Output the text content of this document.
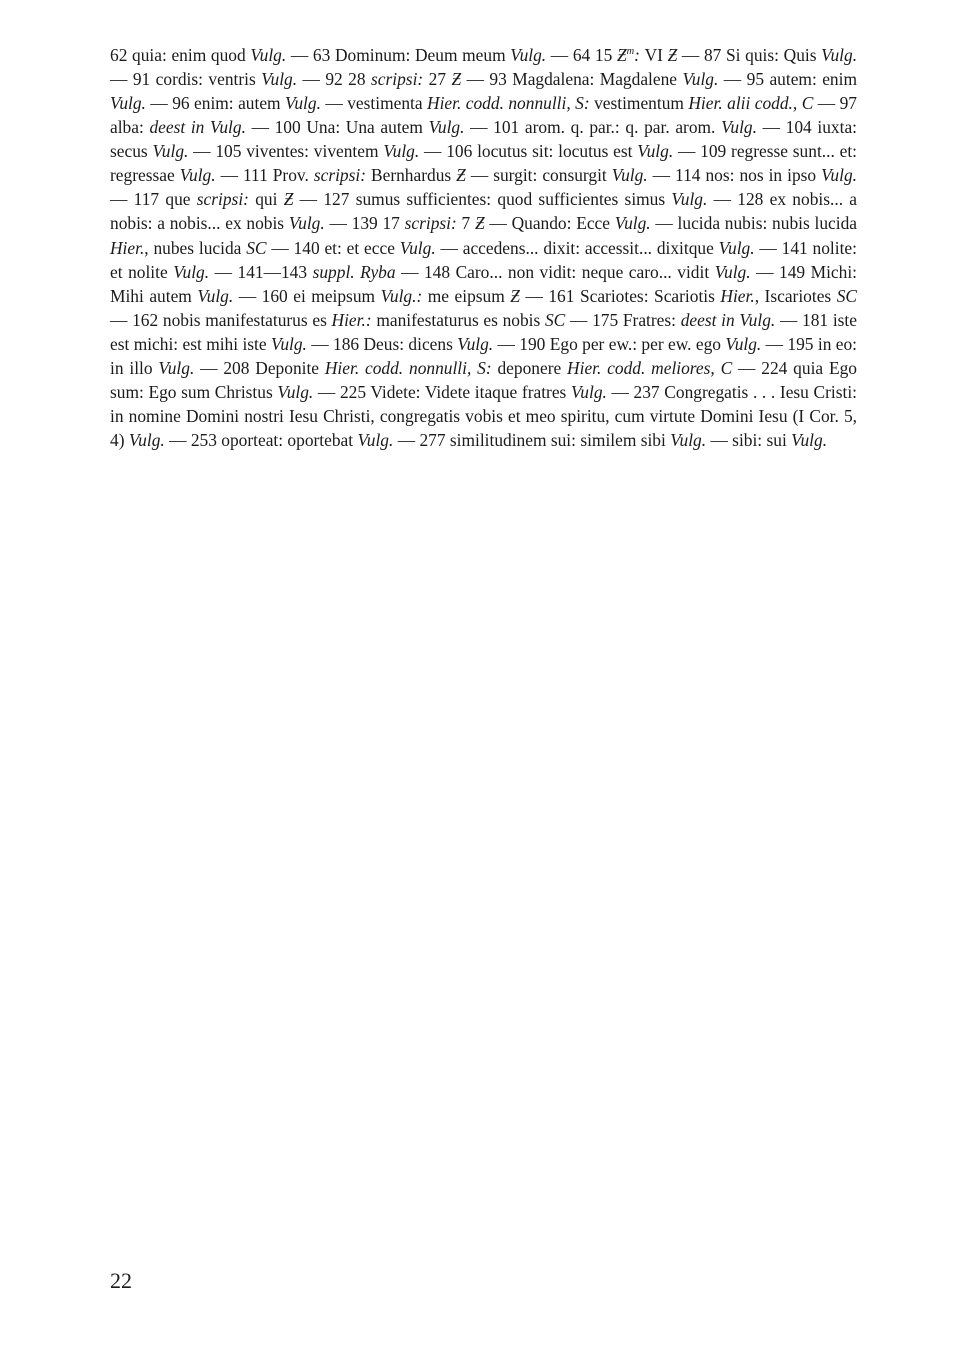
62 quia: enim quod Vulg. — 63 Dominum: Deum meum Vulg. — 64 15 $Ƶ^m$: VI Ƶ — 87 Si quis: Quis Vulg. — 91 cordis: ventris Vulg. — 92 28 scripsi: 27 Ƶ — 93 Magdalena: Magdalene Vulg. — 95 autem: enim Vulg. — 96 enim: autem Vulg. — vestimenta Hier. codd. nonnulli, S: vestimentum Hier. alii codd., C — 97 alba: deest in Vulg. — 100 Una: Una autem Vulg. — 101 arom. q. par.: q. par. arom. Vulg. — 104 iuxta: secus Vulg. — 105 viventes: viventem Vulg. — 106 locutus sit: locutus est Vulg. — 109 regresse sunt... et: regressae Vulg. — 111 Prov. scripsi: Bernhardus Ƶ — surgit: consurgit Vulg. — 114 nos: nos in ipso Vulg. — 117 que scripsi: qui Ƶ — 127 sumus sufficientes: quod sufficientes simus Vulg. — 128 ex nobis... a nobis: a nobis... ex nobis Vulg. — 139 17 scripsi: 7 Ƶ — Quando: Ecce Vulg. — lucida nubis: nubis lucida Hier., nubes lucida SC — 140 et: et ecce Vulg. — accedens... dixit: accessit... dixitque Vulg. — 141 nolite: et nolite Vulg. — 141—143 suppl. Ryba — 148 Caro... non vidit: neque caro... vidit Vulg. — 149 Michi: Mihi autem Vulg. — 160 ei meipsum Vulg.: me eipsum Ƶ — 161 Scariotes: Scariotis Hier., Iscariotes SC — 162 nobis manifestaturus es Hier.: manifestaturus es nobis SC — 175 Fratres: deest in Vulg. — 181 iste est michi: est mihi iste Vulg. — 186 Deus: dicens Vulg. — 190 Ego per ew.: per ew. ego Vulg. — 195 in eo: in illo Vulg. — 208 Deponite Hier. codd. nonnulli, S: deponere Hier. codd. meliores, C — 224 quia Ego sum: Ego sum Christus Vulg. — 225 Videte: Videte itaque fratres Vulg. — 237 Congregatis . . . Iesu Cristi: in nomine Domini nostri Iesu Christi, congregatis vobis et meo spiritu, cum virtute Domini Iesu (I Cor. 5, 4) Vulg. — 253 oporteat: oportebat Vulg. — 277 similitudinem sui: similem sibi Vulg. — sibi: sui Vulg.

22
